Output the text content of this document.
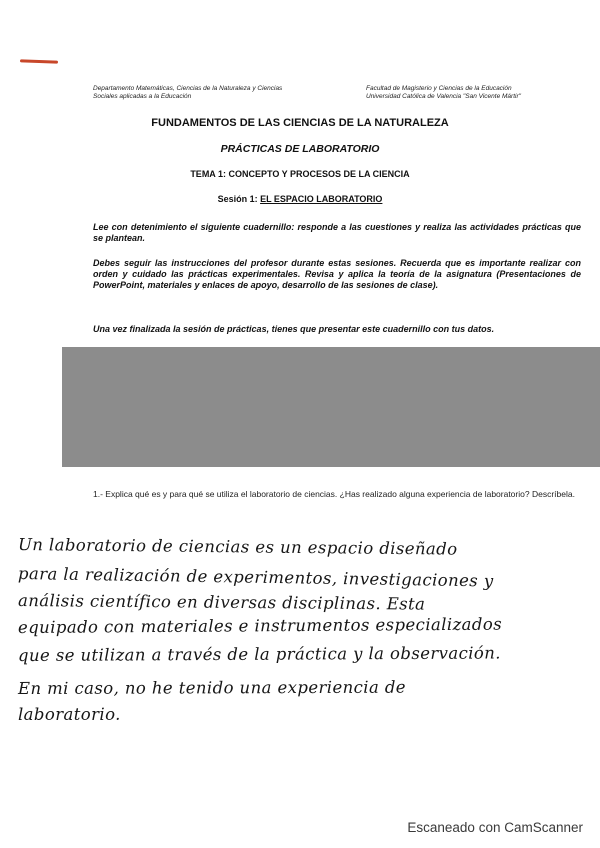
Departamento Matemáticas, Ciencias de la Naturaleza y Ciencias
Sociales aplicadas a la Educación
Facultad de Magisterio y Ciencias de la Educación
Universidad Católica de Valencia "San Vicente Mártir"
FUNDAMENTOS DE LAS CIENCIAS DE LA NATURALEZA
PRÁCTICAS DE LABORATORIO
TEMA 1: CONCEPTO Y PROCESOS DE LA CIENCIA
Sesión 1: EL ESPACIO LABORATORIO
Lee con detenimiento el siguiente cuadernillo: responde a las cuestiones y realiza las actividades prácticas que se plantean.
Debes seguir las instrucciones del profesor durante estas sesiones. Recuerda que es importante realizar con orden y cuidado las prácticas experimentales. Revisa y aplica la teoría de la asignatura (Presentaciones de PowerPoint, materiales y enlaces de apoyo, desarrollo de las sesiones de clase).
Una vez finalizada la sesión de prácticas, tienes que presentar este cuadernillo con tus datos.
1.- Explica qué es y para qué se utiliza el laboratorio de ciencias. ¿Has realizado alguna experiencia de laboratorio? Descríbela.
Un laboratorio de ciencias es un espacio diseñado
para la realización de experimentos, investigaciones y
análisis científico en diversas disciplinas. Esta
equipado con materiales e instrumentos especializados
que se utilizan a través de la práctica y la observación.
En mi caso, no he tenido una experiencia de
laboratorio.
Escaneado con CamScanner
